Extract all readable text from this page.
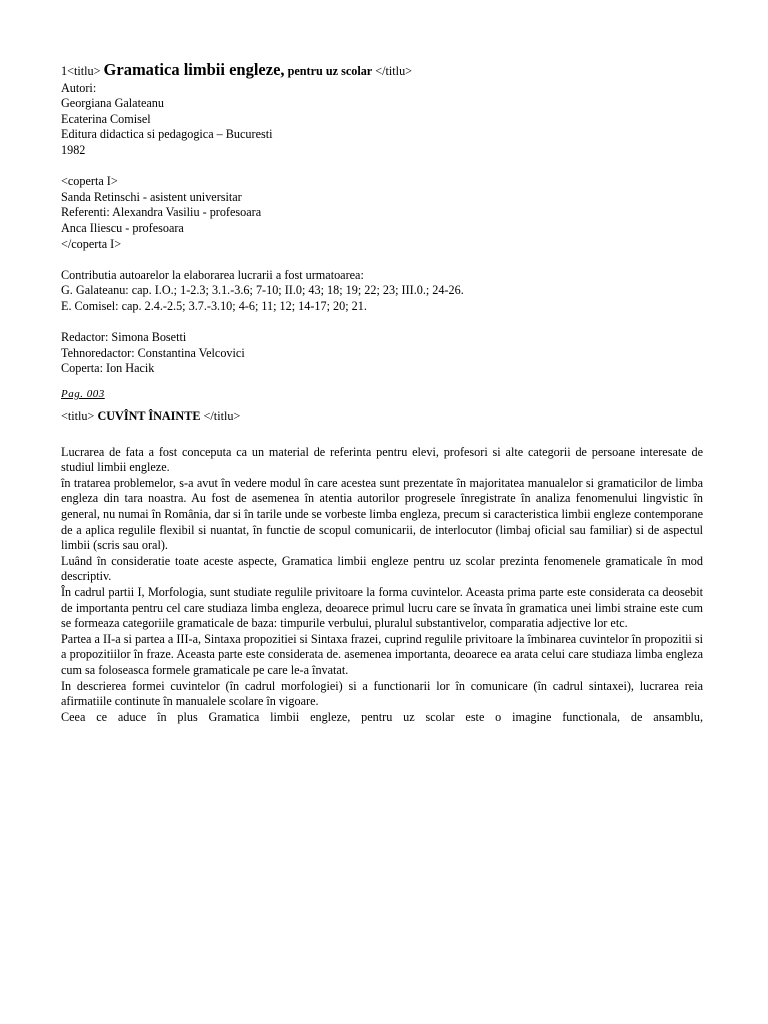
1<titlu> Gramatica limbii engleze, pentru uz scolar </titlu>
Autori:
Georgiana Galateanu
Ecaterina Comisel
Editura didactica si pedagogica – Bucuresti
1982
<coperta I>
Sanda Retinschi - asistent universitar
Referenti: Alexandra Vasiliu - profesoara
Anca Iliescu - profesoara
</coperta I>
Contributia autoarelor la elaborarea lucrarii a fost urmatoarea:
G. Galateanu: cap. I.O.; 1-2.3; 3.1.-3.6; 7-10; II.0; 43; 18; 19; 22; 23; III.0.; 24-26.
E. Comisel: cap. 2.4.-2.5; 3.7.-3.10; 4-6; 11; 12; 14-17; 20; 21.
Redactor: Simona Bosetti
Tehnoredactor: Constantina Velcovici
Coperta: Ion Hacik
Pag. 003
<titlu> CUVÎNT ÎNAINTE </titlu>
Lucrarea de fata a fost conceputa ca un material de referinta pentru elevi, profesori si alte categorii de persoane interesate de studiul limbii engleze.
în tratarea problemelor, s-a avut în vedere modul în care acestea sunt prezentate în majoritatea manualelor si gramaticilor de limba engleza din tara noastra. Au fost de asemenea în atentia autorilor progresele înregistrate în analiza fenomenului lingvistic în general, nu numai în România, dar si în tarile unde se vorbeste limba engleza, precum si caracteristica limbii engleze contemporane de a aplica regulile flexibil si nuantat, în functie de scopul comunicarii, de interlocutor (limbaj oficial sau familiar) si de aspectul limbii (scris sau oral).
Luând în consideratie toate aceste aspecte, Gramatica limbii engleze pentru uz scolar prezinta fenomenele gramaticale în mod descriptiv.
În cadrul partii I, Morfologia, sunt studiate regulile privitoare la forma cuvintelor. Aceasta prima parte este considerata ca deosebit de importanta pentru cel care studiaza limba engleza, deoarece primul lucru care se învata în gramatica unei limbi straine este cum se formeaza categoriile gramaticale de baza: timpurile verbului, pluralul substantivelor, comparatia adjective lor etc.
Partea a II-a si partea a III-a, Sintaxa propozitiei si Sintaxa frazei, cuprind regulile privitoare la îmbinarea cuvintelor în propozitii si a propozitiilor în fraze. Aceasta parte este considerata de. asemenea importanta, deoarece ea arata celui care studiaza limba engleza cum sa foloseasca formele gramaticale pe care le-a învatat.
In descrierea formei cuvintelor (în cadrul morfologiei) si a functionarii lor în comunicare (în cadrul sintaxei), lucrarea reia afirmatiile continute în manualele scolare în vigoare.
Ceea ce aduce în plus Gramatica limbii engleze, pentru uz scolar este o imagine functionala, de ansamblu,
